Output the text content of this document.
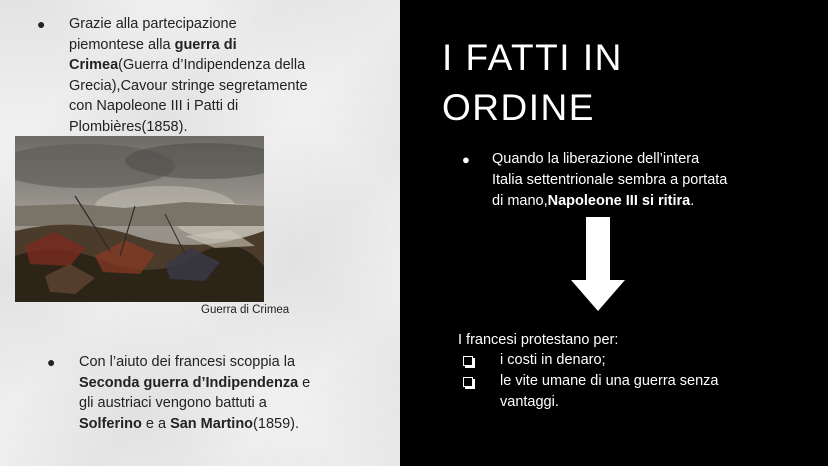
● Grazie alla partecipazione

piemontese alla guerra di

Crimea(Guerra d’Indipendenza della

Grecia),Cavour stringe segretamente

con Napoleone III i Patti di

Plombières(1858).

Guerra di Crimea
● Con l’aiuto dei francesi scoppia la

Seconda guerra d’Indipendenza e

gli austriaci vengono battuti a

Solferino e a San Martino(1859).

I FATTI IN
ORDINE
● Quando la liberazione dell’intera

Italia settentrionale sembra a portata

di mano,Napoleone III si ritira.

I francesi protestano per:
i costi in denaro;

le vite umane di una guerra senza

vantaggi.
